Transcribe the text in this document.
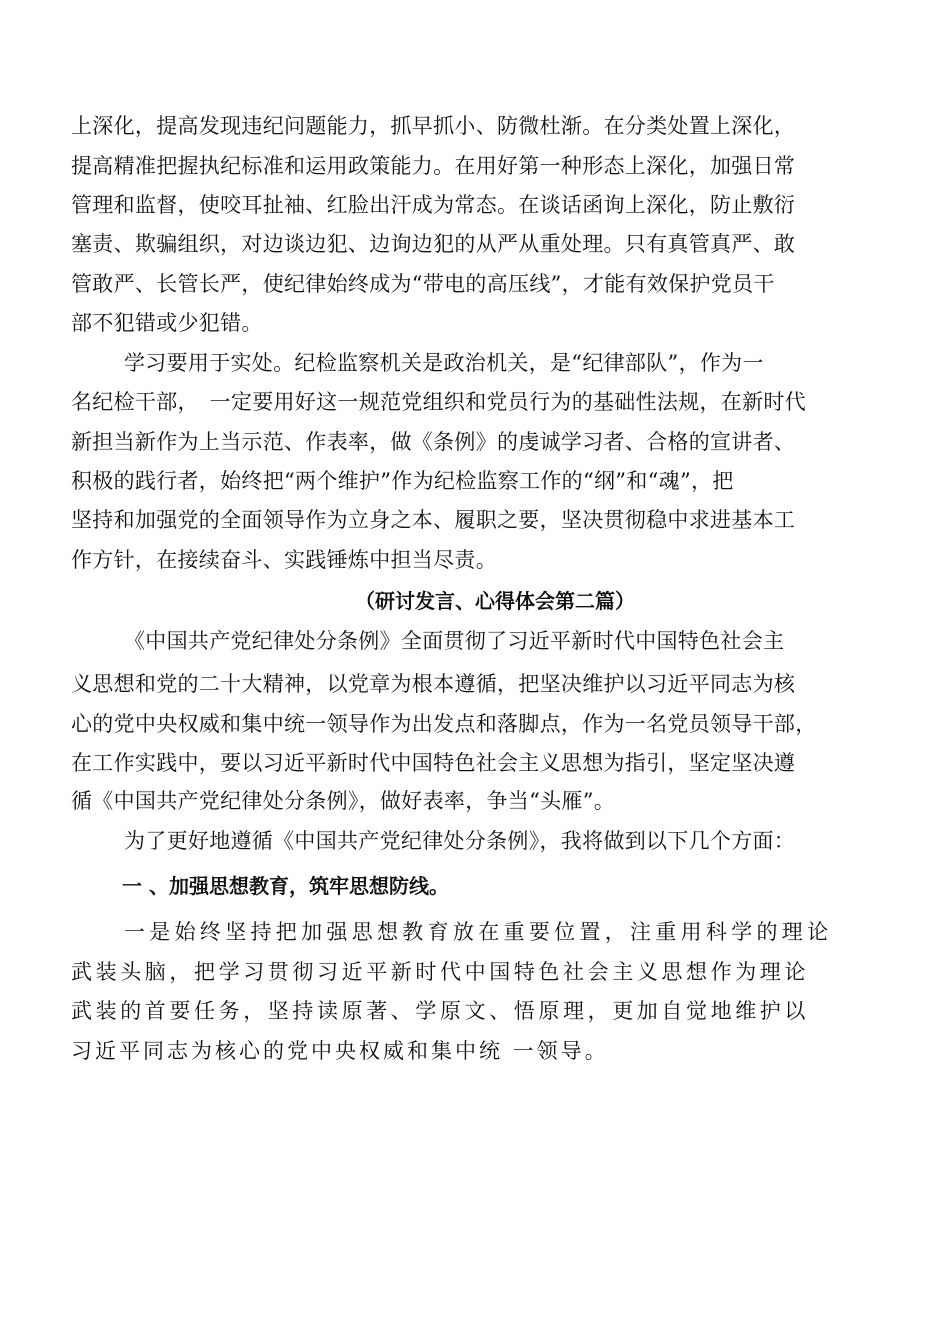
上深化，提高发现违纪问题能力，抓早抓小、防微杜渐。在分类处置上深化，
提高精准把握执纪标准和运用政策能力。在用好第一种形态上深化，加强日常
管理和监督，使咬耳扯袖、红脸出汗成为常态。在谈话函询上深化，防止敷衍
塞责、欺骗组织，对边谈边犯、边询边犯的从严从重处理。只有真管真严、敢
管敢严、长管长严，使纪律始终成为“带电的高压线”，才能有效保护党员干
部不犯错或少犯错。
学习要用于实处。纪检监察机关是政治机关，是“纪律部队”，作为一
名纪检干部，　一定要用好这一规范党组织和党员行为的基础性法规，在新时代
新担当新作为上当示范、作表率，做《条例》的虔诚学习者、合格的宣讲者、
积极的践行者，始终把“两个维护”作为纪检监察工作的“纲”和“魂”，把
坚持和加强党的全面领导作为立身之本、履职之要，坚决贯彻稳中求进基本工
作方针，在接续奋斗、实践锤炼中担当尽责。
（研讨发言、心得体会第二篇）
《中国共产党纪律处分条例》全面贯彻了习近平新时代中国特色社会主
义思想和党的二十大精神，以党章为根本遵循，把坚决维护以习近平同志为核
心的党中央权威和集中统一领导作为出发点和落脚点，作为一名党员领导干部，
在工作实践中，要以习近平新时代中国特色社会主义思想为指引，坚定坚决遵
循《中国共产党纪律处分条例》，做好表率，争当“头雁”。
为了更好地遵循《中国共产党纪律处分条例》，我将做到以下几个方面：
一 、加强思想教育，筑牢思想防线。
一是始终坚持把加强思想教育放在重要位置，注重用科学的理论
武装头脑，把学习贯彻习近平新时代中国特色社会主义思想作为理论
武装的首要任务，坚持读原著、学原文、悟原理，更加自觉地维护以
习近平同志为核心的党中央权威和集中统 一领导。
